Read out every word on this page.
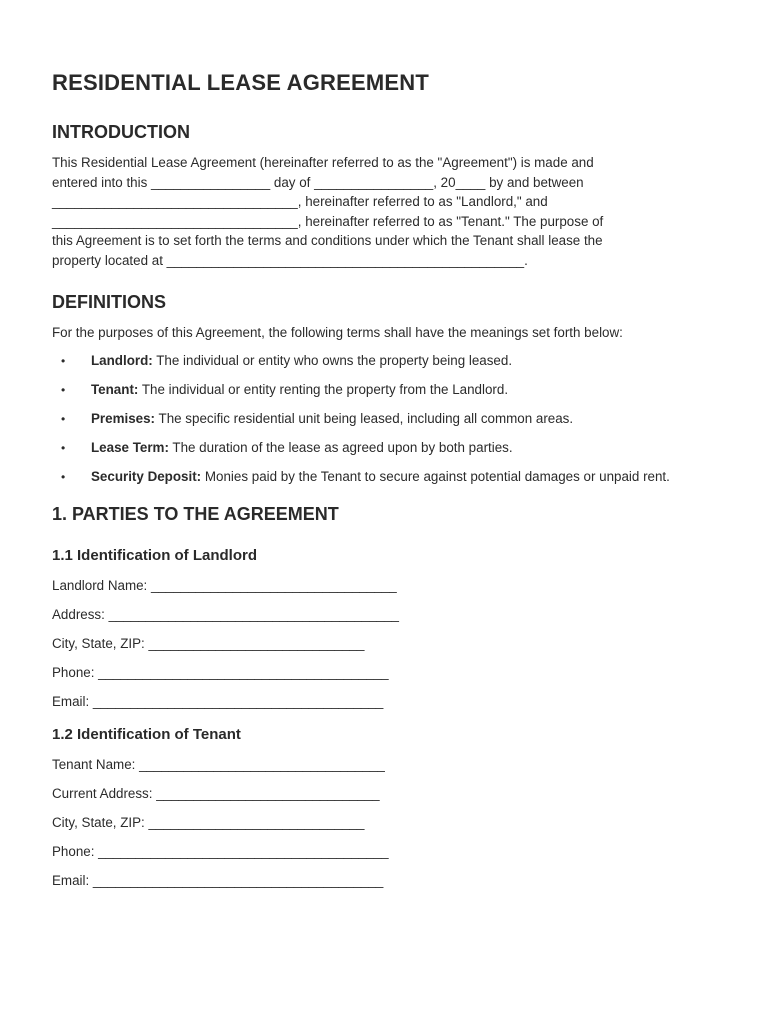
RESIDENTIAL LEASE AGREEMENT
INTRODUCTION

This Residential Lease Agreement (hereinafter referred to as the "Agreement") is made and
entered into this ________________ day of ________________, 20____ by and between
_________________________________, hereinafter referred to as "Landlord," and
_________________________________, hereinafter referred to as "Tenant." The purpose of
this Agreement is to set forth the terms and conditions under which the Tenant shall lease the
property located at ________________________________________________.

DEFINITIONS

For the purposes of this Agreement, the following terms shall have the meanings set forth below:

• Landlord: The individual or entity who owns the property being leased.
• Tenant: The individual or entity renting the property from the Landlord.
• Premises: The specific residential unit being leased, including all common areas.
• Lease Term: The duration of the lease as agreed upon by both parties.
• Security Deposit: Monies paid by the Tenant to secure against potential damages or unpaid rent.
1. PARTIES TO THE AGREEMENT
1.1 Identification of Landlord
Landlord Name: _________________________________
Address: _______________________________________
City, State, ZIP: _____________________________
Phone: _______________________________________
Email: _______________________________________
1.2 Identification of Tenant
Tenant Name: _________________________________
Current Address: ______________________________
City, State, ZIP: _____________________________
Phone: _______________________________________
Email: _______________________________________
